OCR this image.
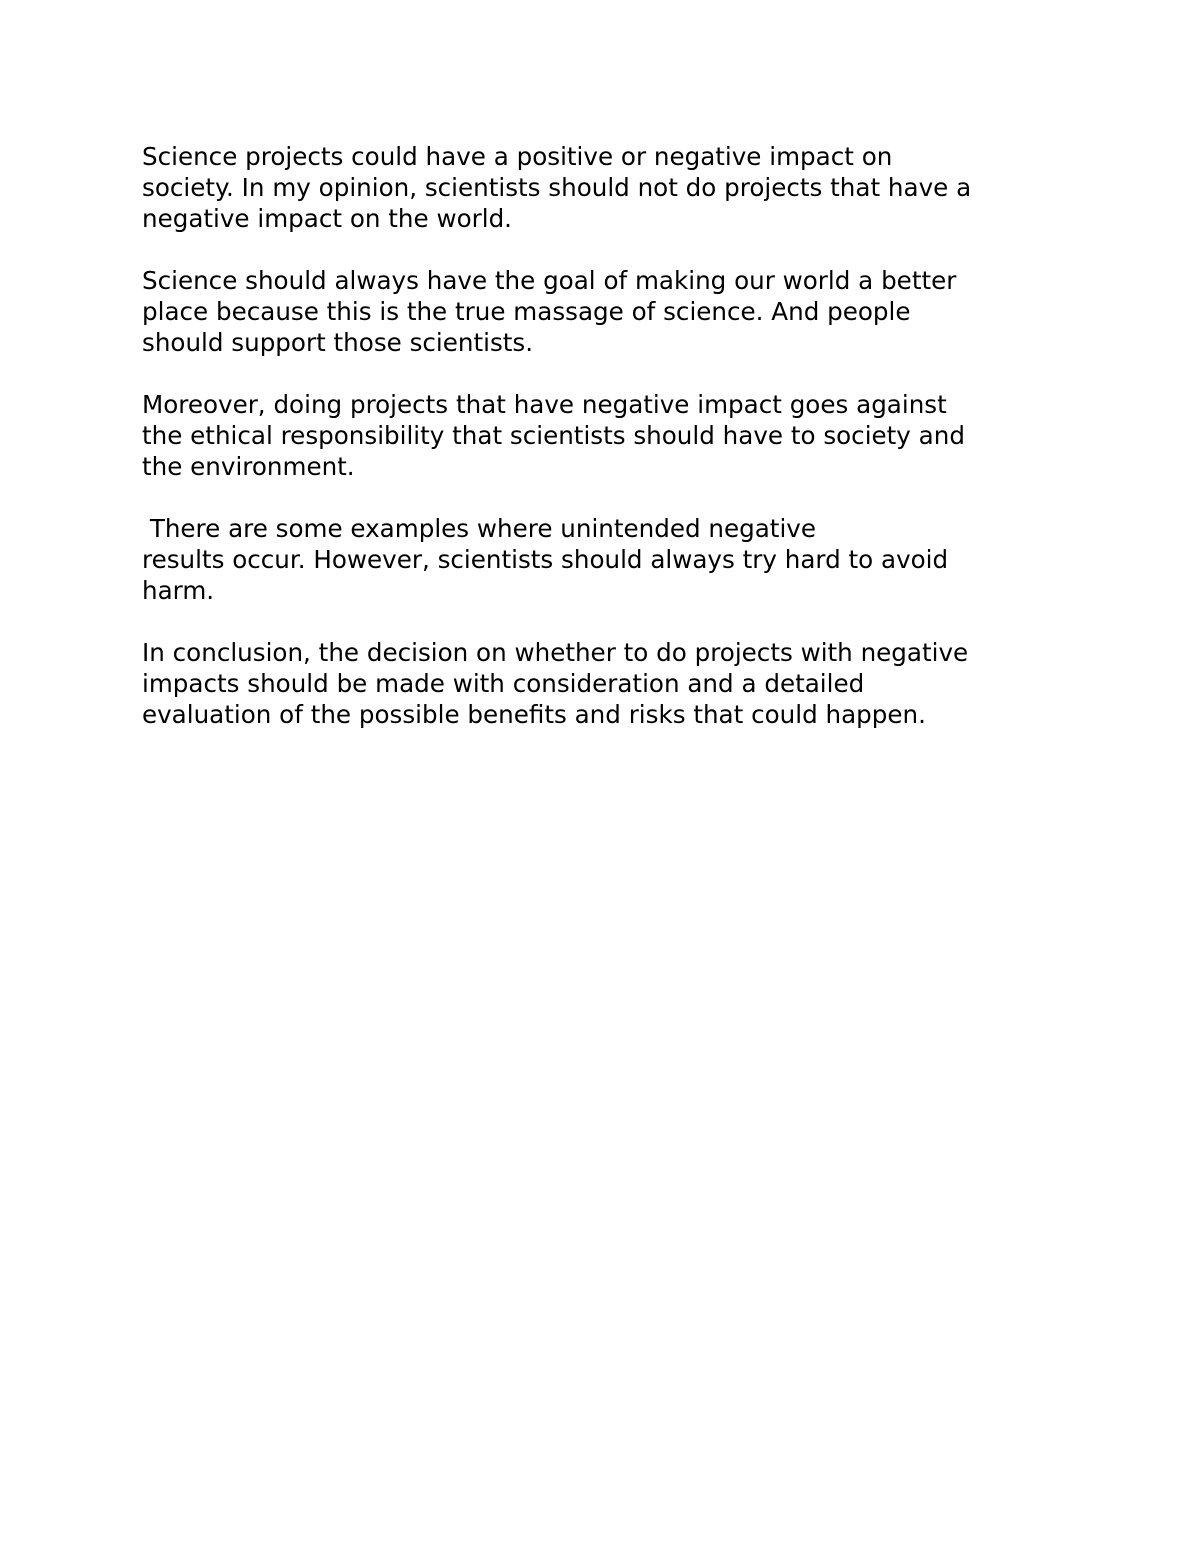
Science projects could have a positive or negative impact on
society. In my opinion, scientists should not do projects that have a
negative impact on the world.

Science should always have the goal of making our world a better
place because this is the true massage of science. And people
should support those scientists.

Moreover, doing projects that have negative impact goes against
the ethical responsibility that scientists should have to society and
the environment.

There are some examples where unintended negative
results occur. However, scientists should always try hard to avoid
harm.

In conclusion, the decision on whether to do projects with negative
impacts should be made with consideration and a detailed
evaluation of the possible benefits and risks that could happen.
